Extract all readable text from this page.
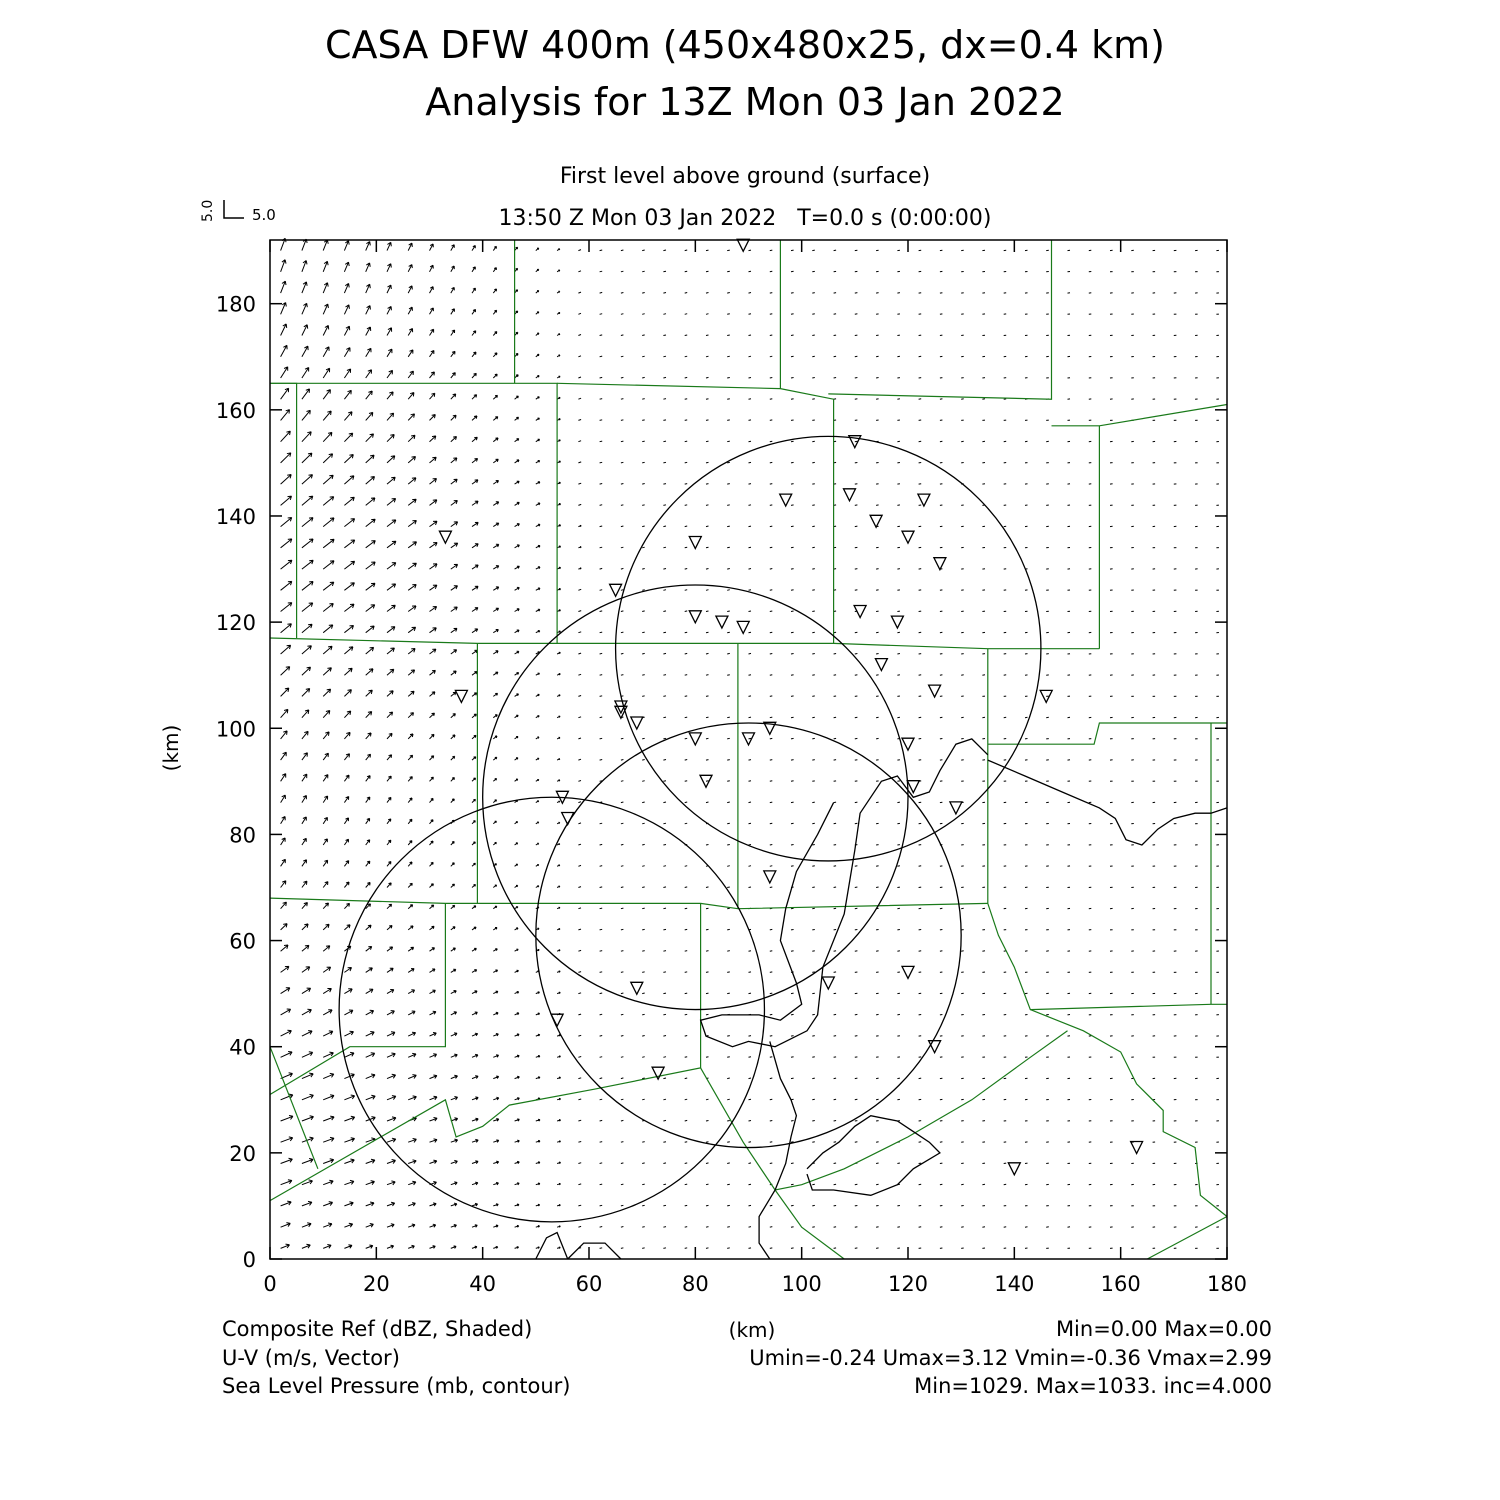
CASA DFW 400m (450x480x25, dx=0.4 km)
Analysis for 13Z Mon 03 Jan 2022
First level above ground (surface)
13:50 Z Mon 03 Jan 2022   T=0.0 s (0:00:00)
5.0 5.0
0	20	40	60	80	100	120	140	160	180
0
20
40
60
80
100
120
140
160
180
(km)
(km)
Composite Ref (dBZ, Shaded)	Min=0.00 Max=0.00
U-V (m/s, Vector)	Umin=-0.24 Umax=3.12 Vmin=-0.36 Vmax=2.99
Sea Level Pressure (mb, contour)	Min=1029. Max=1033. inc=4.000
